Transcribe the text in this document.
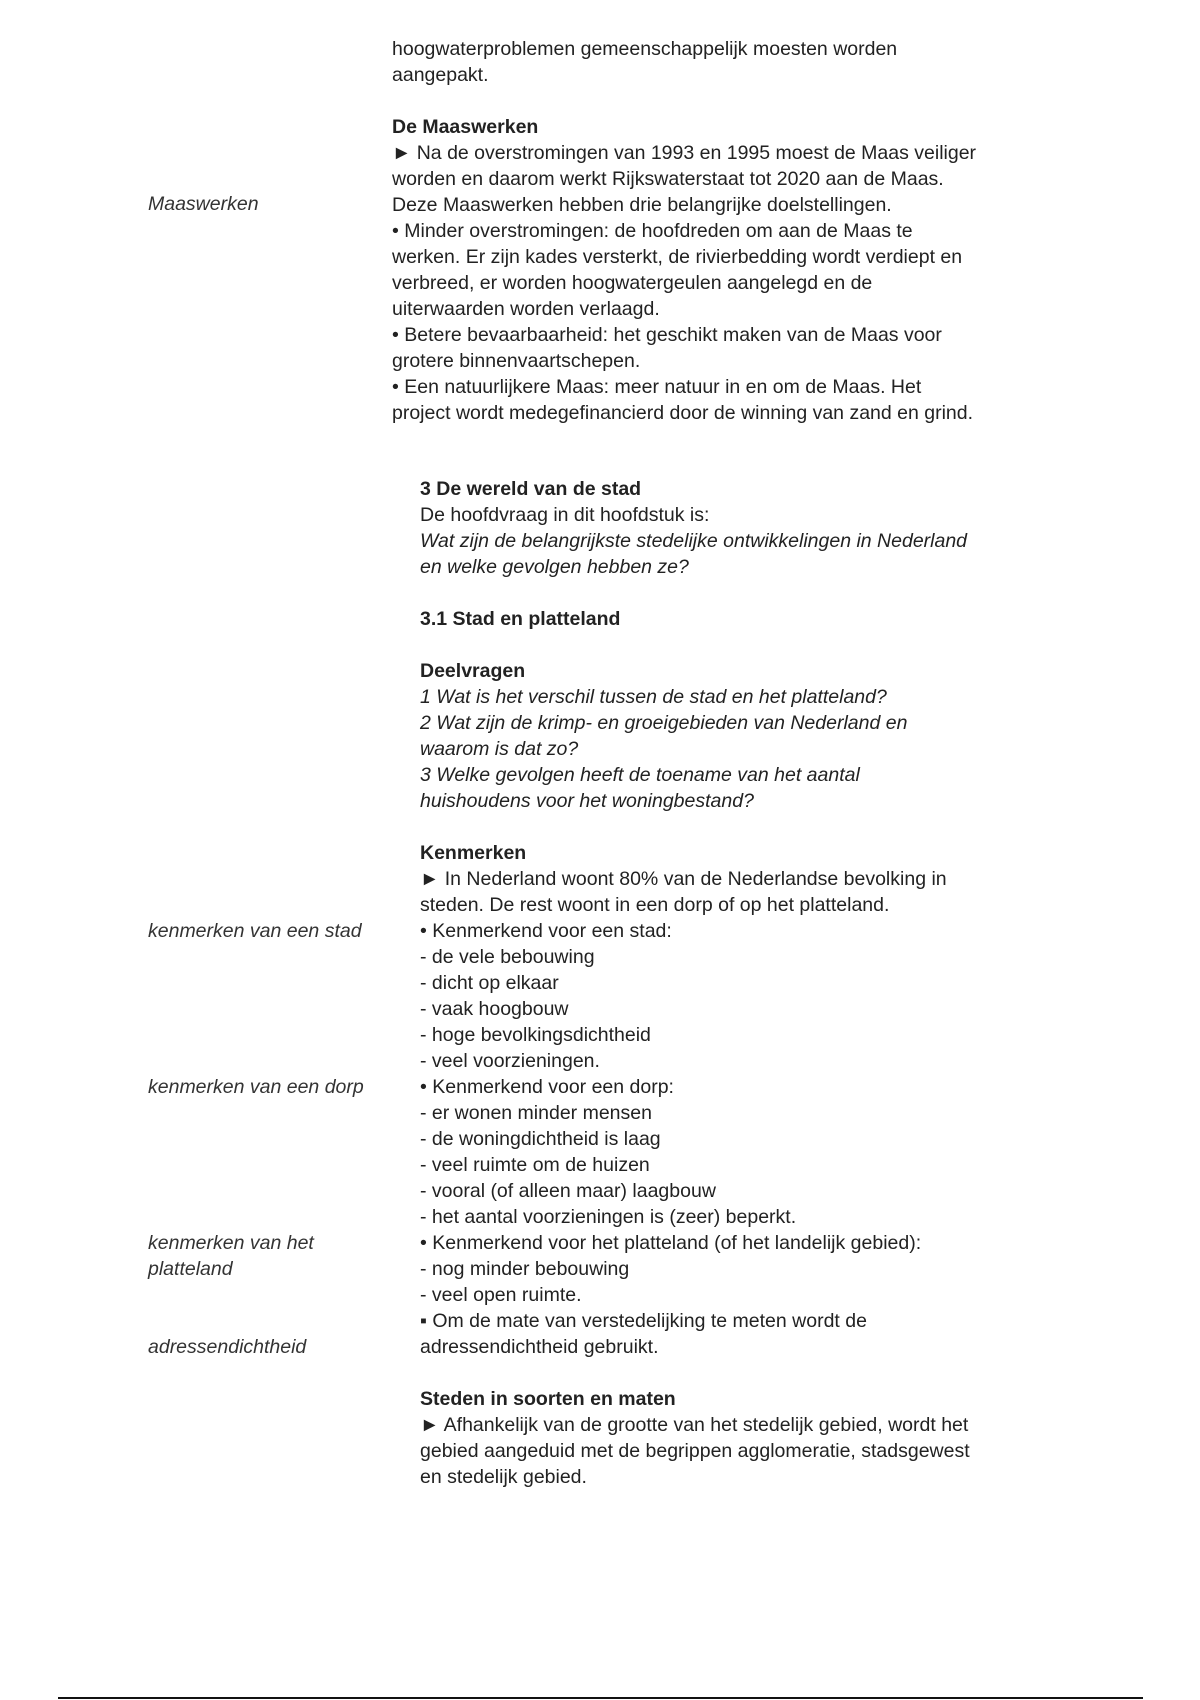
hoogwaterproblemen gemeenschappelijk moesten worden
aangepakt.
Maaswerken
De Maaswerken
► Na de overstromingen van 1993 en 1995 moest de Maas veiliger
worden en daarom werkt Rijkswaterstaat tot 2020 aan de Maas.
Deze Maaswerken hebben drie belangrijke doelstellingen.
• Minder overstromingen: de hoofdreden om aan de Maas te
werken. Er zijn kades versterkt, de rivierbedding wordt verdiept en
verbreed, er worden hoogwatergeulen aangelegd en de
uiterwaarden worden verlaagd.
• Betere bevaarbaarheid: het geschikt maken van de Maas voor
grotere binnenvaartschepen.
• Een natuurlijkere Maas: meer natuur in en om de Maas. Het
project wordt medegefinancierd door de winning van zand en grind.
3 De wereld van de stad
De hoofdvraag in dit hoofdstuk is:
Wat zijn de belangrijkste stedelijke ontwikkelingen in Nederland
en welke gevolgen hebben ze?
3.1 Stad en platteland
Deelvragen
1 Wat is het verschil tussen de stad en het platteland?
2 Wat zijn de krimp- en groeigebieden van Nederland en
waarom is dat zo?
3 Welke gevolgen heeft de toename van het aantal
huishoudens voor het woningbestand?
Kenmerken
► In Nederland woont 80% van de Nederlandse bevolking in
steden. De rest woont in een dorp of op het platteland.
• Kenmerkend voor een stad:
- de vele bebouwing
- dicht op elkaar
- vaak hoogbouw
- hoge bevolkingsdichtheid
- veel voorzieningen.
• Kenmerkend voor een dorp:
- er wonen minder mensen
- de woningdichtheid is laag
- veel ruimte om de huizen
- vooral (of alleen maar) laagbouw
- het aantal voorzieningen is (zeer) beperkt.
• Kenmerkend voor het platteland (of het landelijk gebied):
- nog minder bebouwing
- veel open ruimte.
▪ Om de mate van verstedelijking te meten wordt de
adressendichtheid gebruikt.
Steden in soorten en maten
► Afhankelijk van de grootte van het stedelijk gebied, wordt het
gebied aangeduid met de begrippen agglomeratie, stadsgewest
en stedelijk gebied.
kenmerken van een stad
kenmerken van een dorp
kenmerken van het
platteland
adressendichtheid
